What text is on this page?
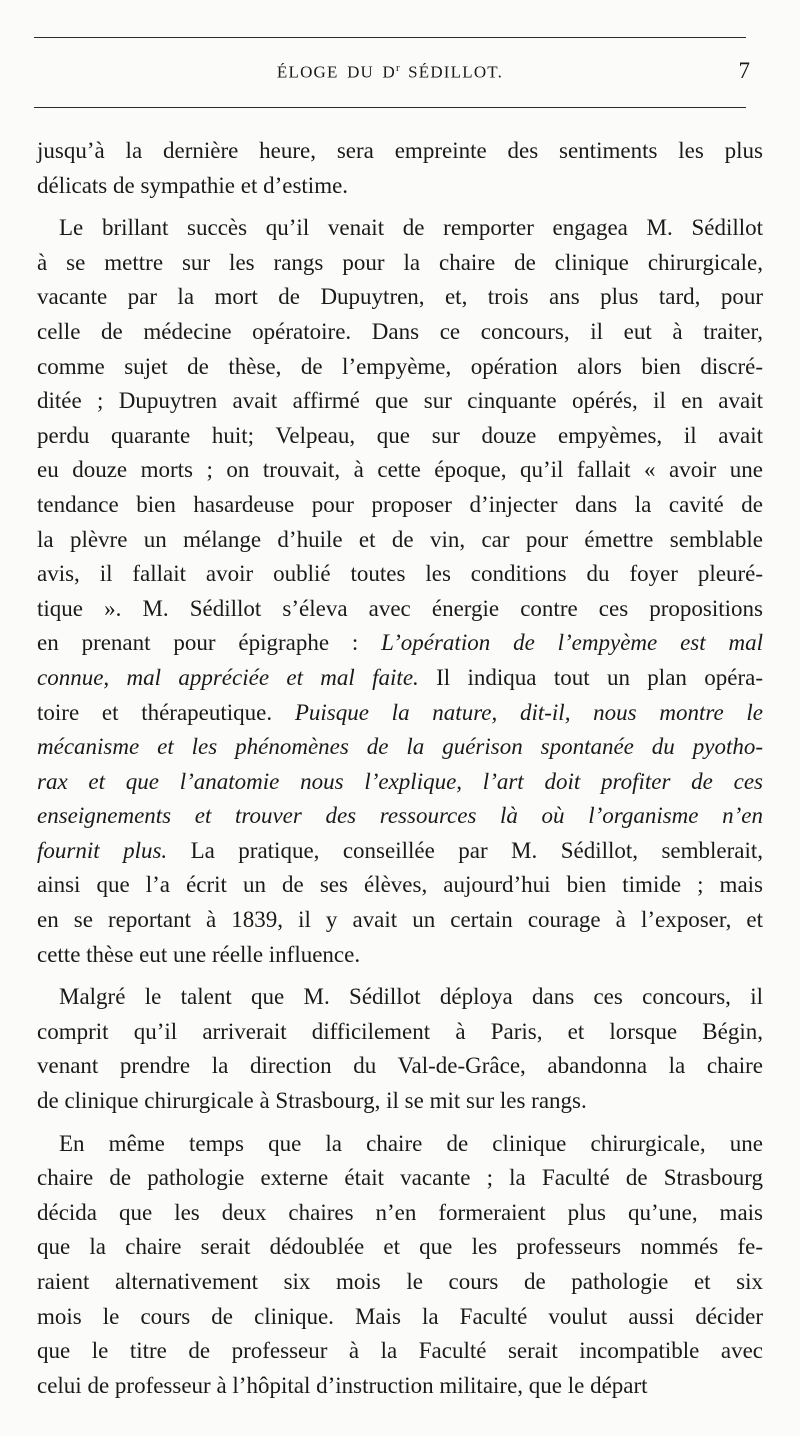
ÉLOGE DU $D^r$ SÉDILLOT.	7
jusqu’à la dernière heure, sera empreinte des sentiments les plus
délicats de sympathie et d’estime.
Le brillant succès qu’il venait de remporter engagea M. Sédillot
à se mettre sur les rangs pour la chaire de clinique chirurgicale,
vacante par la mort de Dupuytren, et, trois ans plus tard, pour
celle de médecine opératoire. Dans ce concours, il eut à traiter,
comme sujet de thèse, de l’empyème, opération alors bien discré-
ditée ; Dupuytren avait affirmé que sur cinquante opérés, il en avait
perdu quarante huit; Velpeau, que sur douze empyèmes, il avait
eu douze morts ; on trouvait, à cette époque, qu’il fallait « avoir une
tendance bien hasardeuse pour proposer d’injecter dans la cavité de
la plèvre un mélange d’huile et de vin, car pour émettre semblable
avis, il fallait avoir oublié toutes les conditions du foyer pleuré-
tique ». M. Sédillot s’éleva avec énergie contre ces propositions
en prenant pour épigraphe : L’opération de l’empyème est mal
connue, mal appréciée et mal faite. Il indiqua tout un plan opéra-
toire et thérapeutique. Puisque la nature, dit-il, nous montre le
mécanisme et les phénomènes de la guérison spontanée du pyotho-
rax et que l’anatomie nous l’explique, l’art doit profiter de ces
enseignements et trouver des ressources là où l’organisme n’en
fournit plus. La pratique, conseillée par M. Sédillot, semblerait,
ainsi que l’a écrit un de ses élèves, aujourd’hui bien timide ; mais
en se reportant à 1839, il y avait un certain courage à l’exposer, et
cette thèse eut une réelle influence.
Malgré le talent que M. Sédillot déploya dans ces concours, il
comprit qu’il arriverait difficilement à Paris, et lorsque Bégin,
venant prendre la direction du Val-de-Grâce, abandonna la chaire
de clinique chirurgicale à Strasbourg, il se mit sur les rangs.
En même temps que la chaire de clinique chirurgicale, une
chaire de pathologie externe était vacante ; la Faculté de Strasbourg
décida que les deux chaires n’en formeraient plus qu’une, mais
que la chaire serait dédoublée et que les professeurs nommés fe-
raient alternativement six mois le cours de pathologie et six
mois le cours de clinique. Mais la Faculté voulut aussi décider
que le titre de professeur à la Faculté serait incompatible avec
celui de professeur à l’hôpital d’instruction militaire, que le départ
